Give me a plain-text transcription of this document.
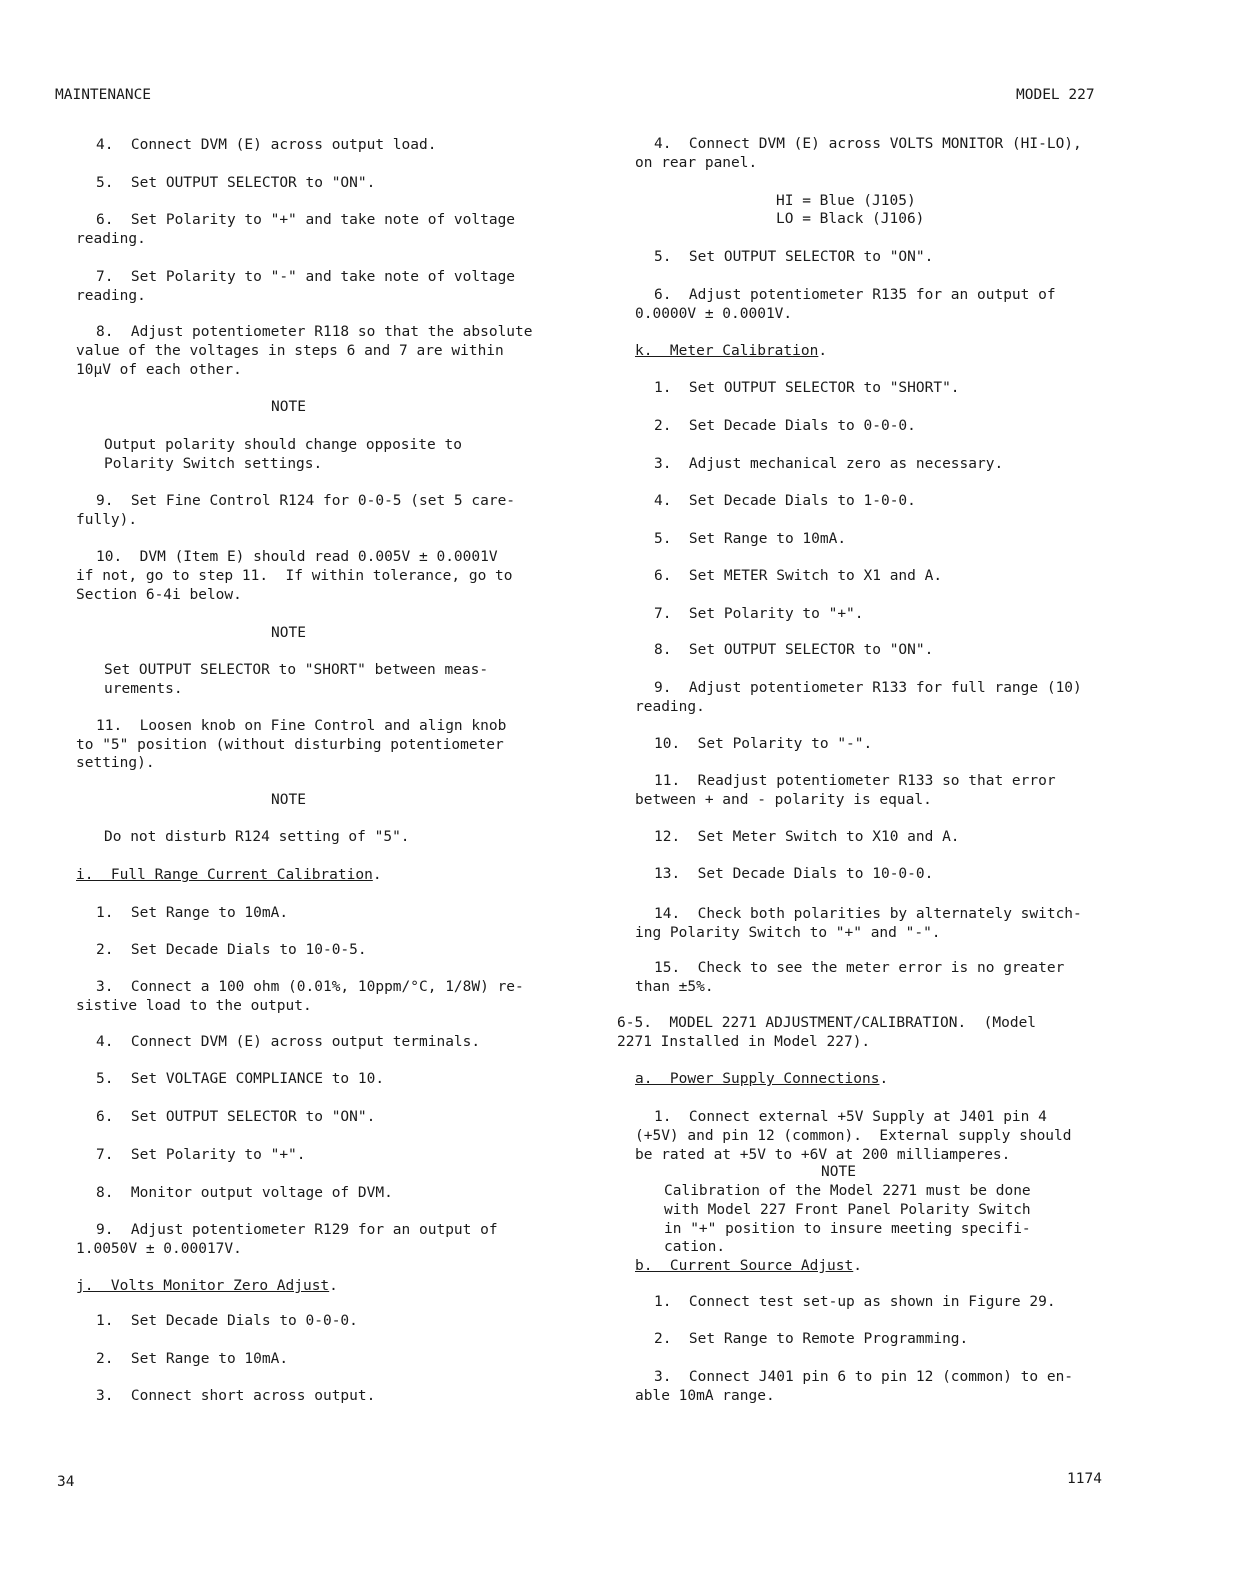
MAINTENANCE	MODEL 227
4.  Connect DVM (E) across output load.
5.  Set OUTPUT SELECTOR to "ON".
6.  Set Polarity to "+" and take note of voltage
reading.
7.  Set Polarity to "-" and take note of voltage
reading.
8.  Adjust potentiometer R118 so that the absolute
value of the voltages in steps 6 and 7 are within
10µV of each other.
NOTE
Output polarity should change opposite to
Polarity Switch settings.
9.  Set Fine Control R124 for 0-0-5 (set 5 care-
fully).
10.  DVM (Item E) should read 0.005V ± 0.0001V
if not, go to step 11.  If within tolerance, go to
Section 6-4i below.
NOTE
Set OUTPUT SELECTOR to "SHORT" between meas-
urements.
11.  Loosen knob on Fine Control and align knob
to "5" position (without disturbing potentiometer
setting).
NOTE
Do not disturb R124 setting of "5".
i.  Full Range Current Calibration.
1.  Set Range to 10mA.
2.  Set Decade Dials to 10-0-5.
3.  Connect a 100 ohm (0.01%, 10ppm/°C, 1/8W) re-
sistive load to the output.
4.  Connect DVM (E) across output terminals.
5.  Set VOLTAGE COMPLIANCE to 10.
6.  Set OUTPUT SELECTOR to "ON".
7.  Set Polarity to "+".
8.  Monitor output voltage of DVM.
9.  Adjust potentiometer R129 for an output of
1.0050V ± 0.00017V.
j.  Volts Monitor Zero Adjust.
1.  Set Decade Dials to 0-0-0.
2.  Set Range to 10mA.
3.  Connect short across output.
4.  Connect DVM (E) across VOLTS MONITOR (HI-LO),
on rear panel.
HI = Blue (J105)
LO = Black (J106)
5.  Set OUTPUT SELECTOR to "ON".
6.  Adjust potentiometer R135 for an output of
0.0000V ± 0.0001V.
k.  Meter Calibration.
1.  Set OUTPUT SELECTOR to "SHORT".
2.  Set Decade Dials to 0-0-0.
3.  Adjust mechanical zero as necessary.
4.  Set Decade Dials to 1-0-0.
5.  Set Range to 10mA.
6.  Set METER Switch to X1 and A.
7.  Set Polarity to "+".
8.  Set OUTPUT SELECTOR to "ON".
9.  Adjust potentiometer R133 for full range (10)
reading.
10.  Set Polarity to "-".
11.  Readjust potentiometer R133 so that error
between + and - polarity is equal.
12.  Set Meter Switch to X10 and A.
13.  Set Decade Dials to 10-0-0.
14.  Check both polarities by alternately switch-
ing Polarity Switch to "+" and "-".
15.  Check to see the meter error is no greater
than ±5%.
6-5.  MODEL 2271 ADJUSTMENT/CALIBRATION.  (Model
2271 Installed in Model 227).
a.  Power Supply Connections.
1.  Connect external +5V Supply at J401 pin 4
(+5V) and pin 12 (common).  External supply should
be rated at +5V to +6V at 200 milliamperes.
NOTE
Calibration of the Model 2271 must be done
with Model 227 Front Panel Polarity Switch
in "+" position to insure meeting specifi-
cation.
b.  Current Source Adjust.
1.  Connect test set-up as shown in Figure 29.
2.  Set Range to Remote Programming.
3.  Connect J401 pin 6 to pin 12 (common) to en-
able 10mA range.
34	1174
